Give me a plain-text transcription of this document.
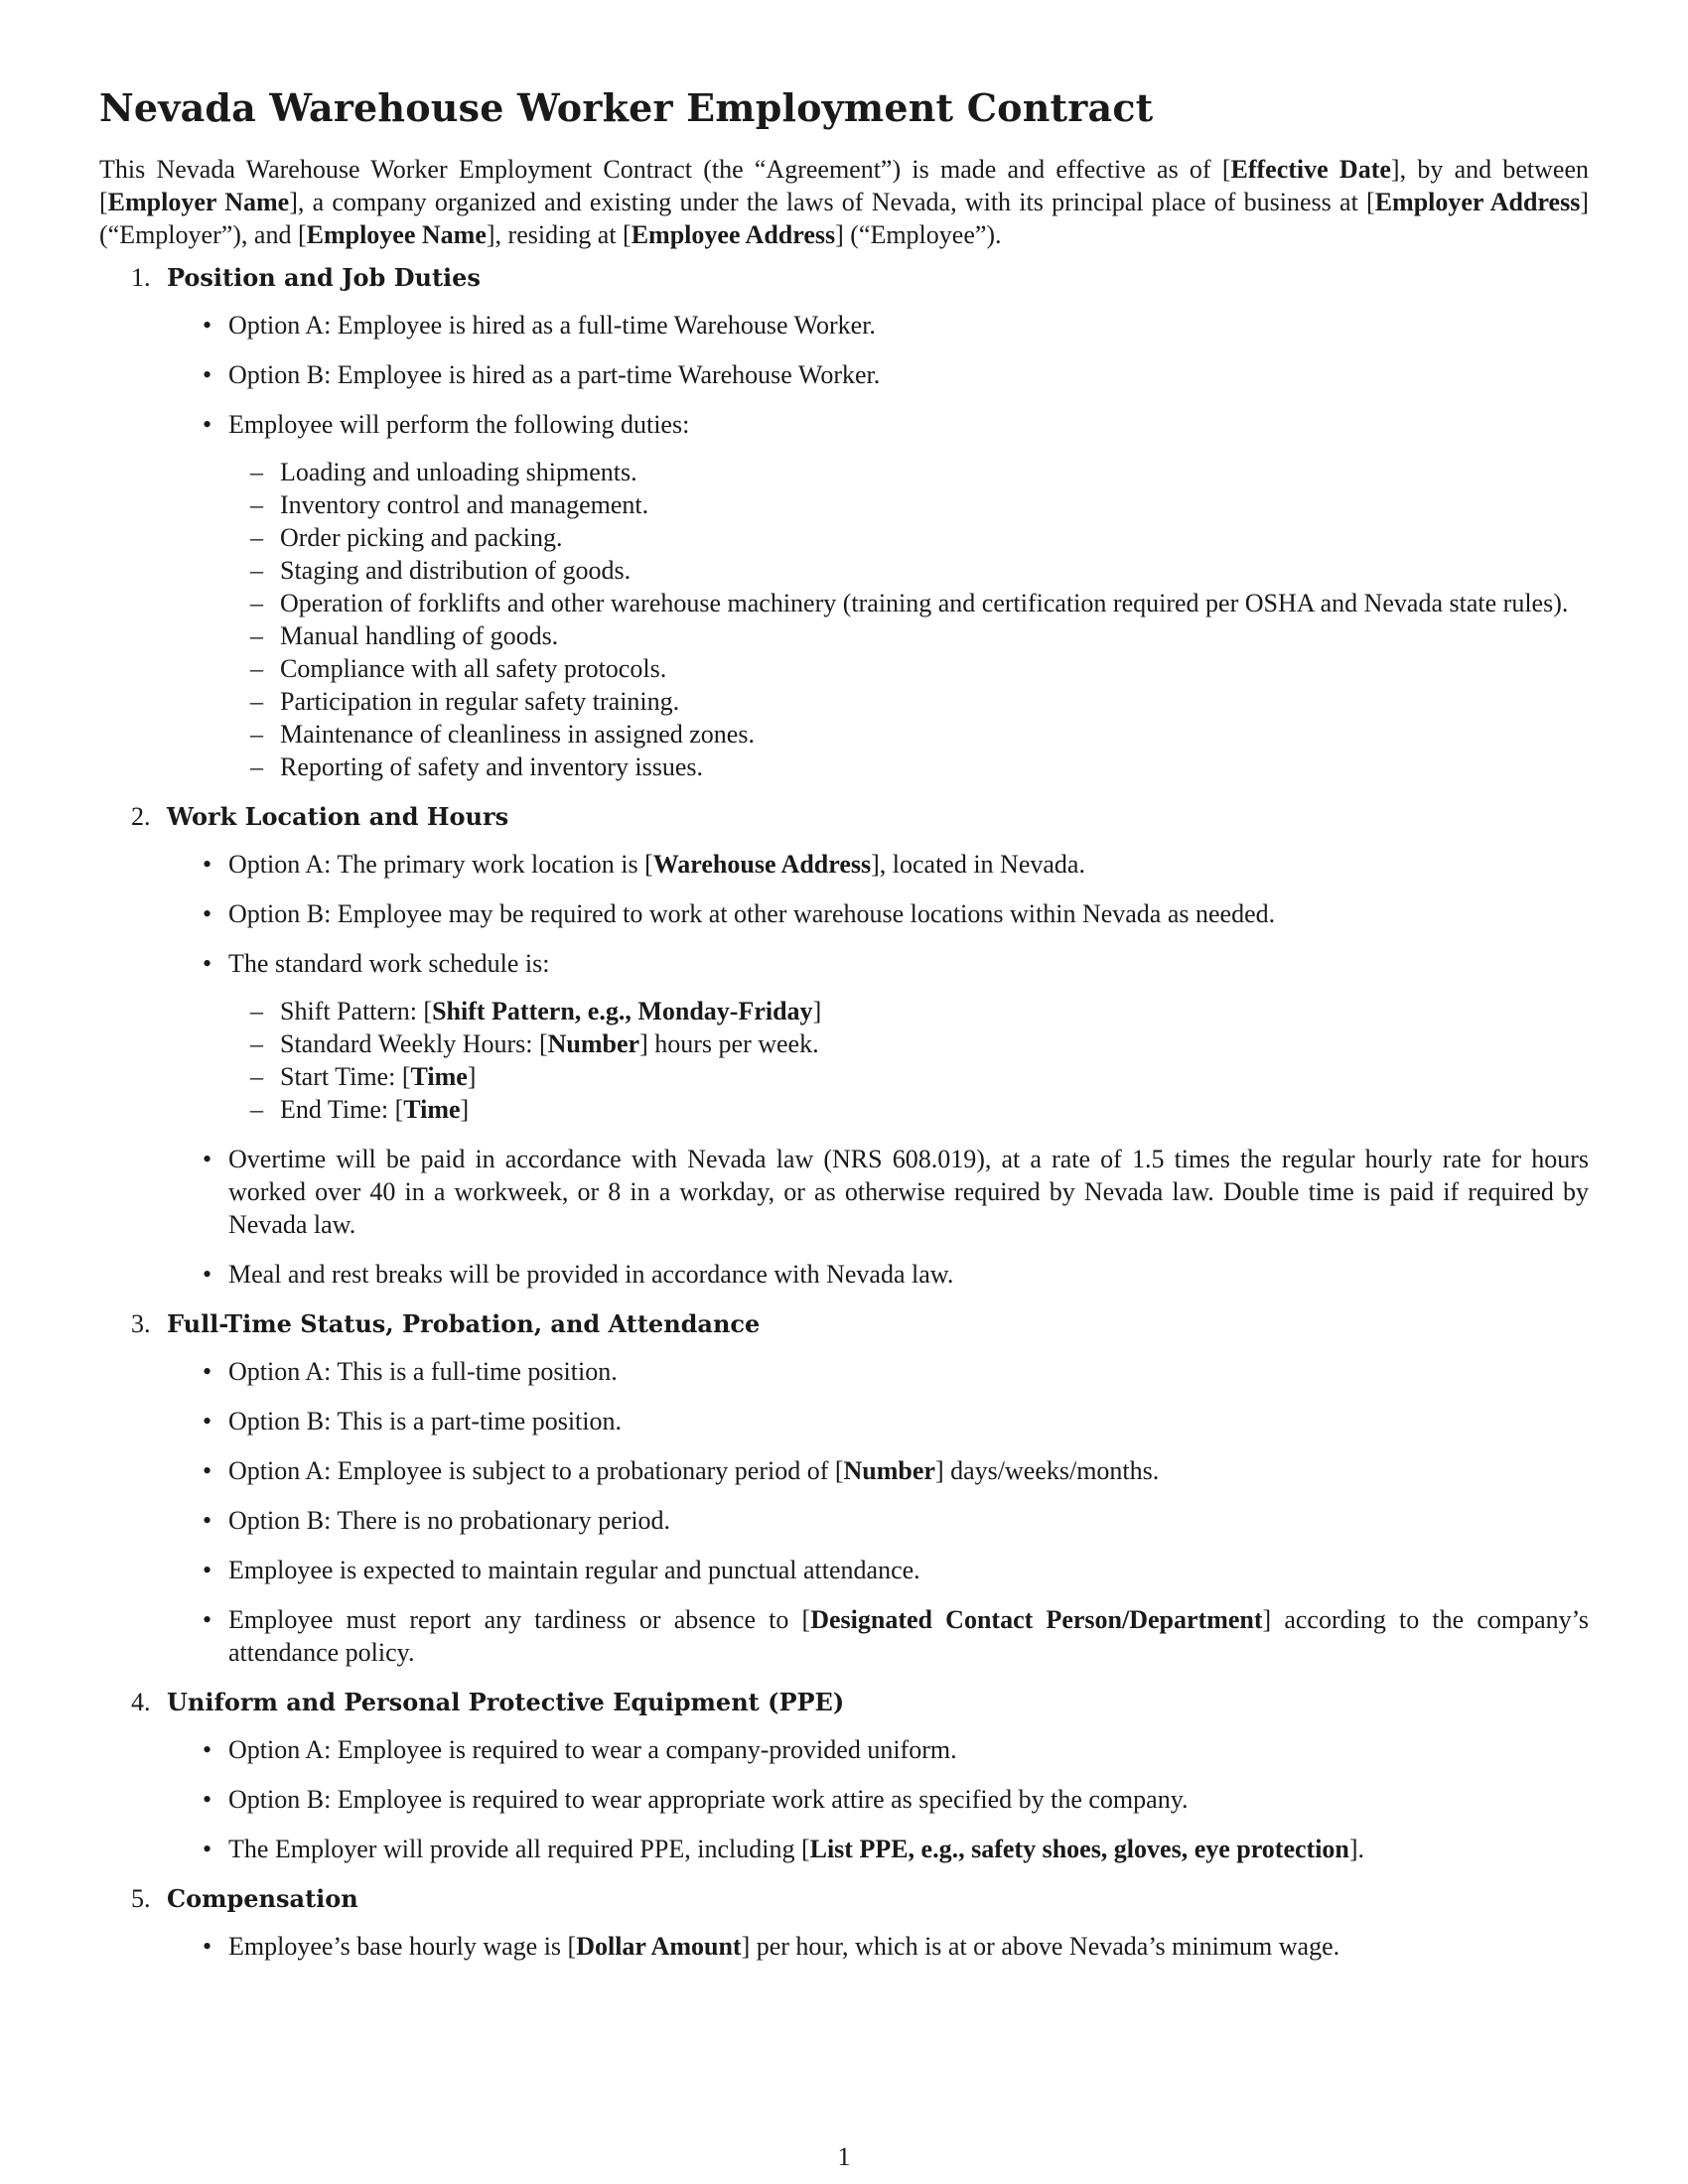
Nevada Warehouse Worker Employment Contract

This Nevada Warehouse Worker Employment Contract (the “Agreement”) is made and effective as of [Effective Date], by and between [Employer Name], a company organized and existing under the laws of Nevada, with its principal place of business at [Employer Address] (“Employer”), and [Employee Name], residing at [Employee Address] (“Employee”).

1. Position and Job Duties
• Option A: Employee is hired as a full-time Warehouse Worker.
• Option B: Employee is hired as a part-time Warehouse Worker.
• Employee will perform the following duties:
– Loading and unloading shipments.
– Inventory control and management.
– Order picking and packing.
– Staging and distribution of goods.
– Operation of forklifts and other warehouse machinery (training and certification required per OSHA and Nevada state rules).
– Manual handling of goods.
– Compliance with all safety protocols.
– Participation in regular safety training.
– Maintenance of cleanliness in assigned zones.
– Reporting of safety and inventory issues.
2. Work Location and Hours
• Option A: The primary work location is [Warehouse Address], located in Nevada.
• Option B: Employee may be required to work at other warehouse locations within Nevada as needed.
• The standard work schedule is:
– Shift Pattern: [Shift Pattern, e.g., Monday-Friday]
– Standard Weekly Hours: [Number] hours per week.
– Start Time: [Time]
– End Time: [Time]
• Overtime will be paid in accordance with Nevada law (NRS 608.019), at a rate of 1.5 times the regular hourly rate for hours worked over 40 in a workweek, or 8 in a workday, or as otherwise required by Nevada law. Double time is paid if required by Nevada law.
• Meal and rest breaks will be provided in accordance with Nevada law.
3. Full-Time Status, Probation, and Attendance
• Option A: This is a full-time position.
• Option B: This is a part-time position.
• Option A: Employee is subject to a probationary period of [Number] days/weeks/months.
• Option B: There is no probationary period.
• Employee is expected to maintain regular and punctual attendance.
• Employee must report any tardiness or absence to [Designated Contact Person/Department] according to the company’s attendance policy.
4. Uniform and Personal Protective Equipment (PPE)
• Option A: Employee is required to wear a company-provided uniform.
• Option B: Employee is required to wear appropriate work attire as specified by the company.
• The Employer will provide all required PPE, including [List PPE, e.g., safety shoes, gloves, eye protection].
5. Compensation
• Employee’s base hourly wage is [Dollar Amount] per hour, which is at or above Nevada’s minimum wage.
1
